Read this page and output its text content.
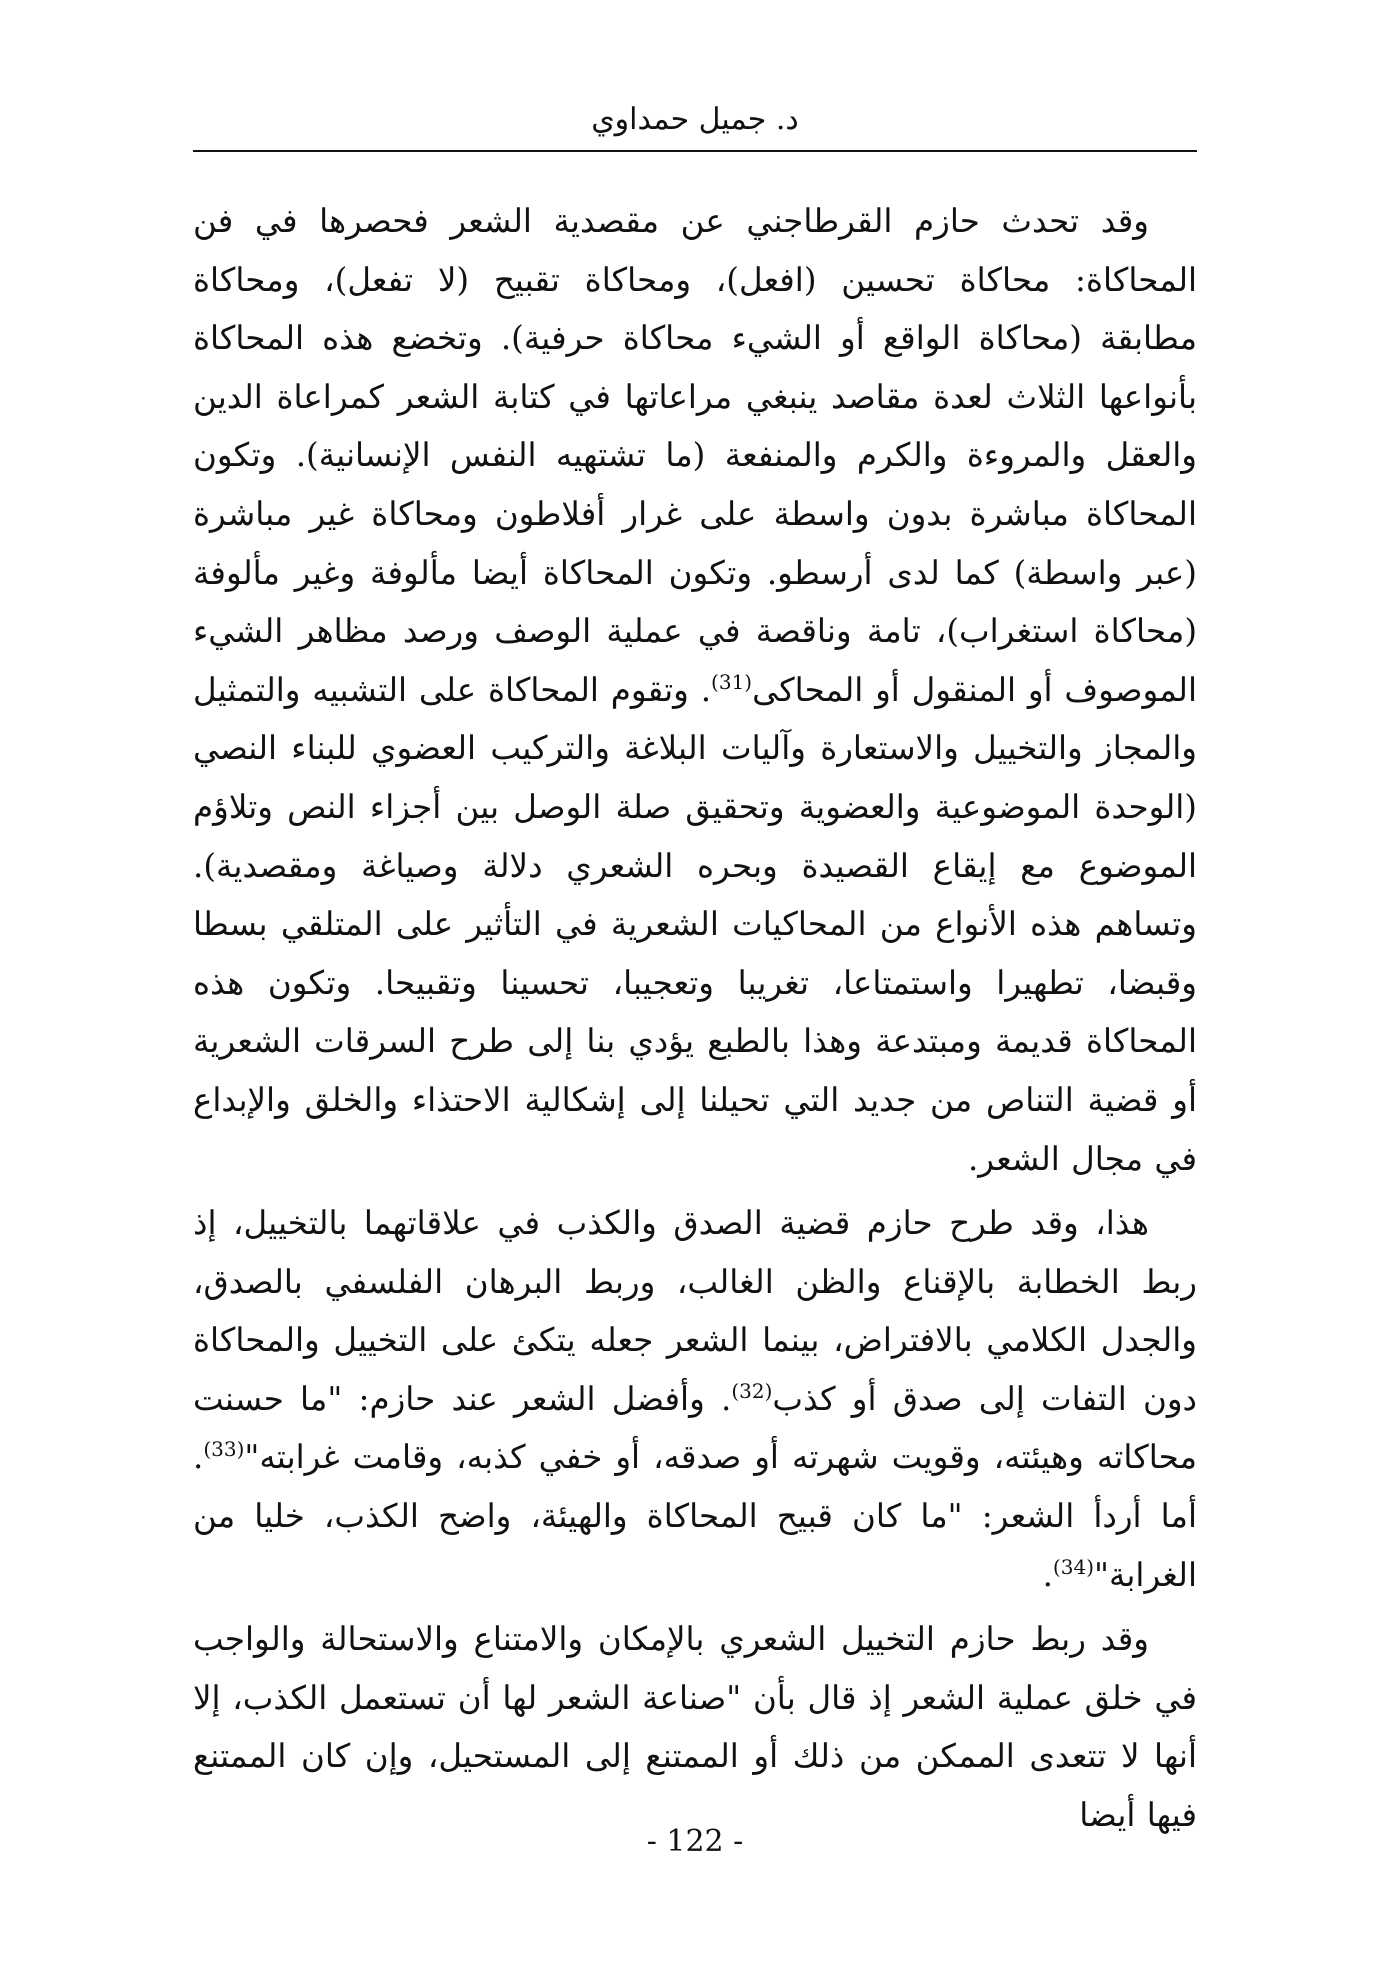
د. جميل حمداوي

وقد تحدث حازم القرطاجني عن مقصدية الشعر فحصرها في فن المحاكاة: محاكاة تحسين (افعل)، ومحاكاة تقبيح (لا تفعل)، ومحاكاة مطابقة (محاكاة الواقع أو الشيء محاكاة حرفية). وتخضع هذه المحاكاة بأنواعها الثلاث لعدة مقاصد ينبغي مراعاتها في كتابة الشعر كمراعاة الدين والعقل والمروءة والكرم والمنفعة (ما تشتهيه النفس الإنسانية). وتكون المحاكاة مباشرة بدون واسطة على غرار أفلاطون ومحاكاة غير مباشرة (عبر واسطة) كما لدى أرسطو. وتكون المحاكاة أيضا مألوفة وغير مألوفة (محاكاة استغراب)، تامة وناقصة في عملية الوصف ورصد مظاهر الشيء الموصوف أو المنقول أو المحاكى$^{(31)}$. وتقوم المحاكاة على التشبيه والتمثيل والمجاز والتخييل والاستعارة وآليات البلاغة والتركيب العضوي للبناء النصي (الوحدة الموضوعية والعضوية وتحقيق صلة الوصل بين أجزاء النص وتلاؤم الموضوع مع إيقاع القصيدة وبحره الشعري دلالة وصياغة ومقصدية). وتساهم هذه الأنواع من المحاكيات الشعرية في التأثير على المتلقي بسطا وقبضا، تطهيرا واستمتاعا، تغريبا وتعجيبا، تحسينا وتقبيحا. وتكون هذه المحاكاة قديمة ومبتدعة وهذا بالطبع يؤدي بنا إلى طرح السرقات الشعرية أو قضية التناص من جديد التي تحيلنا إلى إشكالية الاحتذاء والخلق والإبداع في مجال الشعر.

هذا، وقد طرح حازم قضية الصدق والكذب في علاقاتهما بالتخييل، إذ ربط الخطابة بالإقناع والظن الغالب، وربط البرهان الفلسفي بالصدق، والجدل الكلامي بالافتراض، بينما الشعر جعله يتكئ على التخييل والمحاكاة دون التفات إلى صدق أو كذب$^{(32)}$. وأفضل الشعر عند حازم: "ما حسنت محاكاته وهيئته، وقويت شهرته أو صدقه، أو خفي كذبه، وقامت غرابته"$^{(33)}$. أما أردأ الشعر: "ما كان قبيح المحاكاة والهيئة، واضح الكذب، خليا من الغرابة"$^{(34)}$.

وقد ربط حازم التخييل الشعري بالإمكان والامتناع والاستحالة والواجب في خلق عملية الشعر إذ قال بأن "صناعة الشعر لها أن تستعمل الكذب، إلا أنها لا تتعدى الممكن من ذلك أو الممتنع إلى المستحيل، وإن كان الممتنع فيها أيضا

- 122 -
